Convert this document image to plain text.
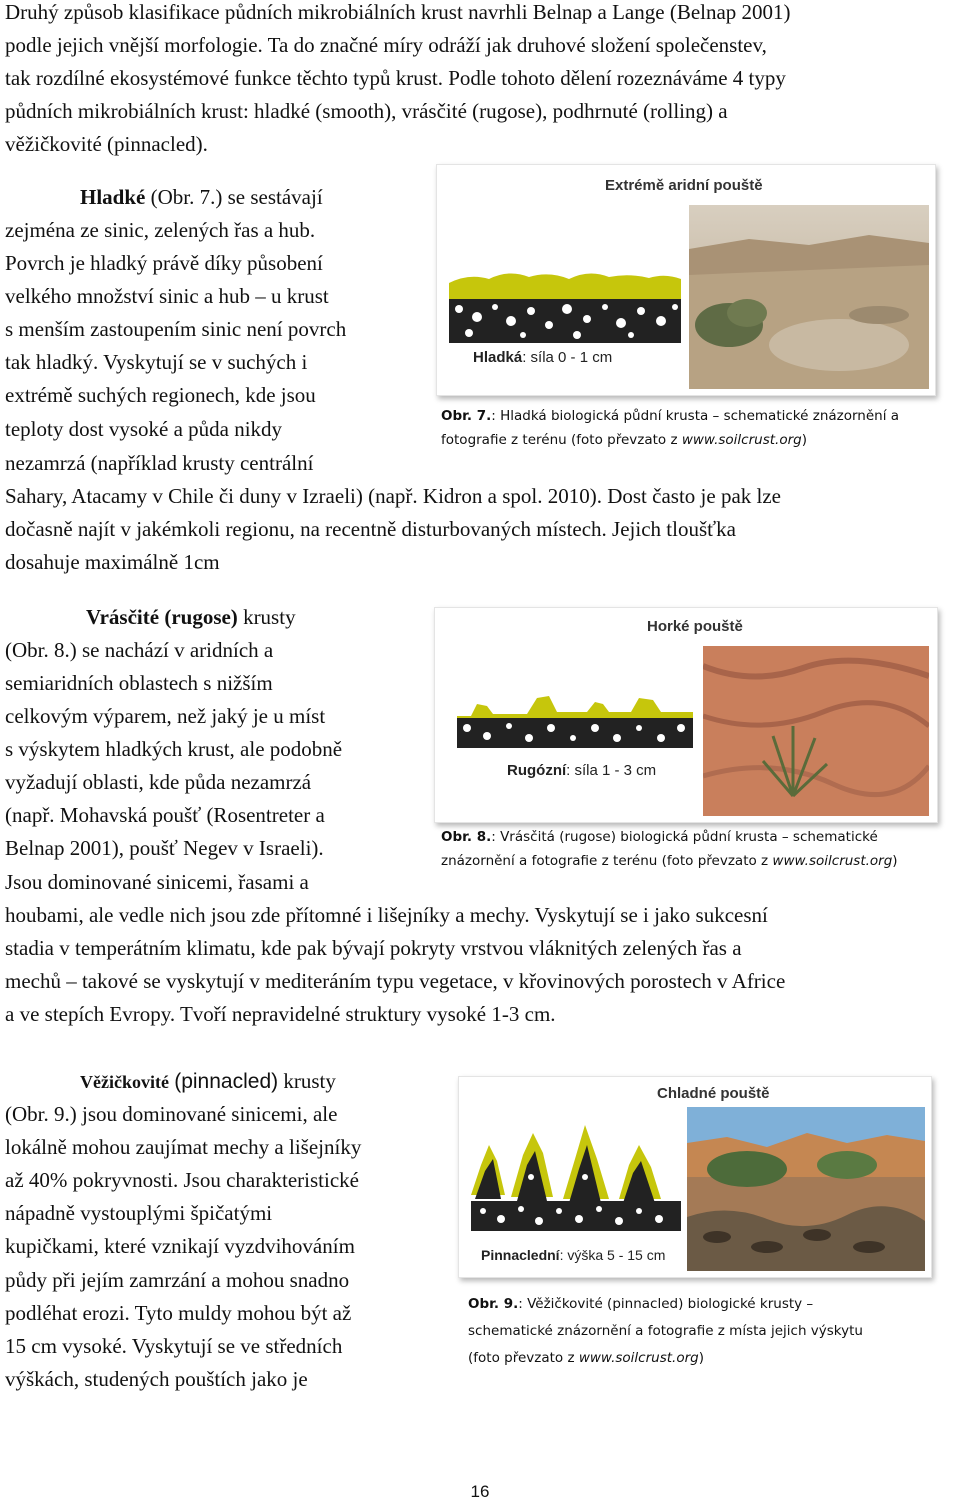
Druhý způsob klasifikace půdních mikrobiálních krust navrhli Belnap a Lange (Belnap 2001)
podle jejich vnější morfologie. Ta do značné míry odráží jak druhové složení společenstev,
tak rozdílné ekosystémové funkce těchto typů krust. Podle tohoto dělení rozeznáváme 4 typy
půdních mikrobiálních krust: hladké (smooth), vrásčité (rugose), podhrnuté (rolling) a
věžičkovité (pinnacled).
Hladké (Obr. 7.) se sestávají
zejména ze sinic, zelených řas a hub.
Povrch je hladký právě díky působení
velkého množství sinic a hub – u krust
s menším zastoupením sinic není povrch
tak hladký. Vyskytují se v suchých i
extrémě suchých regionech, kde jsou
teploty dost vysoké a půda nikdy
nezamrzá (například krusty centrální
Sahary, Atacamy v Chile či duny v Izraeli) (např. Kidron a spol. 2010). Dost často je pak lze
dočasně najít v jakémkoli regionu, na recentně disturbovaných místech. Jejich tloušťka
dosahuje maximálně 1cm
Extrémě aridní pouště
Hladká: síla 0 - 1 cm
Obr. 7.: Hladká biologická půdní krusta – schematické znázornění a
fotografie z terénu (foto převzato z www.soilcrust.org)
Vrásčité (rugose) krusty
(Obr. 8.) se nachází v aridních a
semiaridních oblastech s nižším
celkovým výparem, než jaký je u míst
s výskytem hladkých krust, ale podobně
vyžadují oblasti, kde půda nezamrzá
(např. Mohavská poušť (Rosentreter a
Belnap 2001), poušť Negev v Israeli).
Jsou dominované sinicemi, řasami a
houbami, ale vedle nich jsou zde přítomné i lišejníky a mechy. Vyskytují se i jako sukcesní
stadia v temperátním klimatu, kde pak bývají pokryty vrstvou vláknitých zelených řas a
mechů – takové se vyskytují v mediteráním typu vegetace, v křovinových porostech v Africe
a ve stepích Evropy. Tvoří nepravidelné struktury vysoké 1-3 cm.
Horké pouště
Rugózní: síla 1 - 3 cm
Obr. 8.: Vrásčitá (rugose) biologická půdní krusta – schematické
znázornění a fotografie z terénu (foto převzato z www.soilcrust.org)
Věžičkovité (pinnacled) krusty
(Obr. 9.) jsou dominované sinicemi, ale
lokálně mohou zaujímat mechy a lišejníky
až 40% pokryvnosti. Jsou charakteristické
nápadně vystouplými špičatými
kupičkami, které vznikají vyzdvihováním
půdy při jejím zamrzání a mohou snadno
podléhat erozi. Tyto muldy mohou být až
15 cm vysoké. Vyskytují se ve středních
výškách, studených pouštích jako je
Chladné pouště
Pinnaclední: výška 5 - 15 cm
Obr. 9.: Věžičkovité (pinnacled) biologické krusty –
schematické znázornění a fotografie z místa jejich výskytu
(foto převzato z www.soilcrust.org)
16
